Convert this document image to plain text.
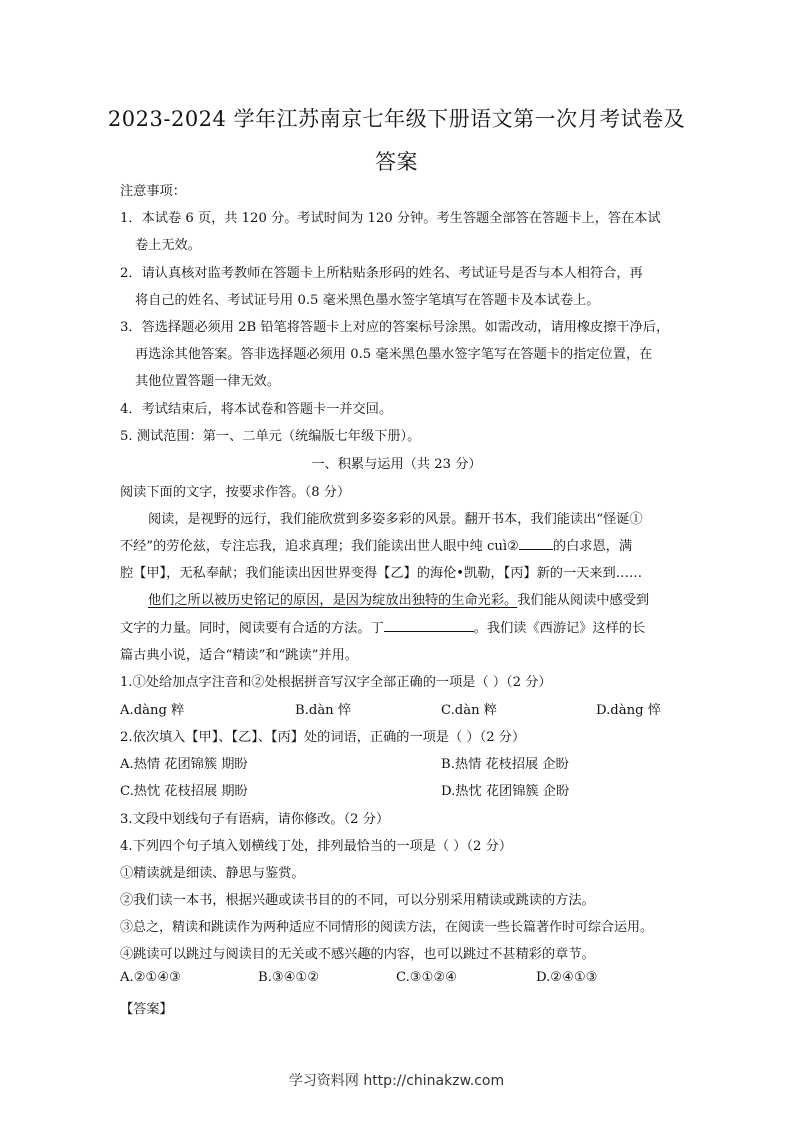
2023-2024 学年江苏南京七年级下册语文第一次月考试卷及
答案
注意事项：
1．本试卷 6 页，共 120 分。考试时间为 120 分钟。考生答题全部答在答题卡上，答在本试
卷上无效。
2．请认真核对监考教师在答题卡上所粘贴条形码的姓名、考试证号是否与本人相符合，再
将自己的姓名、考试证号用 0.5 毫米黑色墨水签字笔填写在答题卡及本试卷上。
3．答选择题必须用 2B 铅笔将答题卡上对应的答案标号涂黑。如需改动，请用橡皮擦干净后，
再选涂其他答案。答非选择题必须用 0.5 毫米黑色墨水签字笔写在答题卡的指定位置，在
其他位置答题一律无效。
4．考试结束后，将本试卷和答题卡一并交回。
5. 测试范围：第一、二单元（统编版七年级下册）。
一、积累与运用（共 23 分）
阅读下面的文字，按要求作答。（8 分）
阅读，是视野的远行，我们能欣赏到多姿多彩的风景。翻开书本，我们能读出“怪诞①
不经”的劳伦兹，专注忘我，追求真理；我们能读出世人眼中纯 cuì②	的白求恩，满
腔【甲】，无私奉献；我们能读出因世界变得【乙】的海伦•凯勒，【丙】新的一天来到……
他们之所以被历史铭记的原因，是因为绽放出独特的生命光彩。我们能从阅读中感受到
文字的力量。同时，阅读要有合适的方法。丁	。我们读《西游记》这样的长
篇古典小说，适合“精读”和“跳读”并用。
1.①处给加点字注音和②处根据拼音写汉字全部正确的一项是（ ）（2 分）
A.dàng 粹	B.dàn 悴	C.dàn 粹	D.dàng 悴
2.依次填入【甲】、【乙】、【丙】处的词语，正确的一项是（ ）（2 分）
A.热情 花团锦簇 期盼	B.热情 花枝招展 企盼
C.热忱 花枝招展 期盼	D.热忱 花团锦簇 企盼
3.文段中划线句子有语病，请你修改。（2 分）
4.下列四个句子填入划横线丁处，排列最恰当的一项是（ ）（2 分）
①精读就是细读、静思与鉴赏。
②我们读一本书，根据兴趣或读书目的的不同，可以分别采用精读或跳读的方法。
③总之，精读和跳读作为两种适应不同情形的阅读方法，在阅读一些长篇著作时可综合运用。
④跳读可以跳过与阅读目的无关或不感兴趣的内容，也可以跳过不甚精彩的章节。
A.②①④③	B.③④①②	C.③①②④	D.②④①③
【答案】
学习资料网 http://chinakzw.com
